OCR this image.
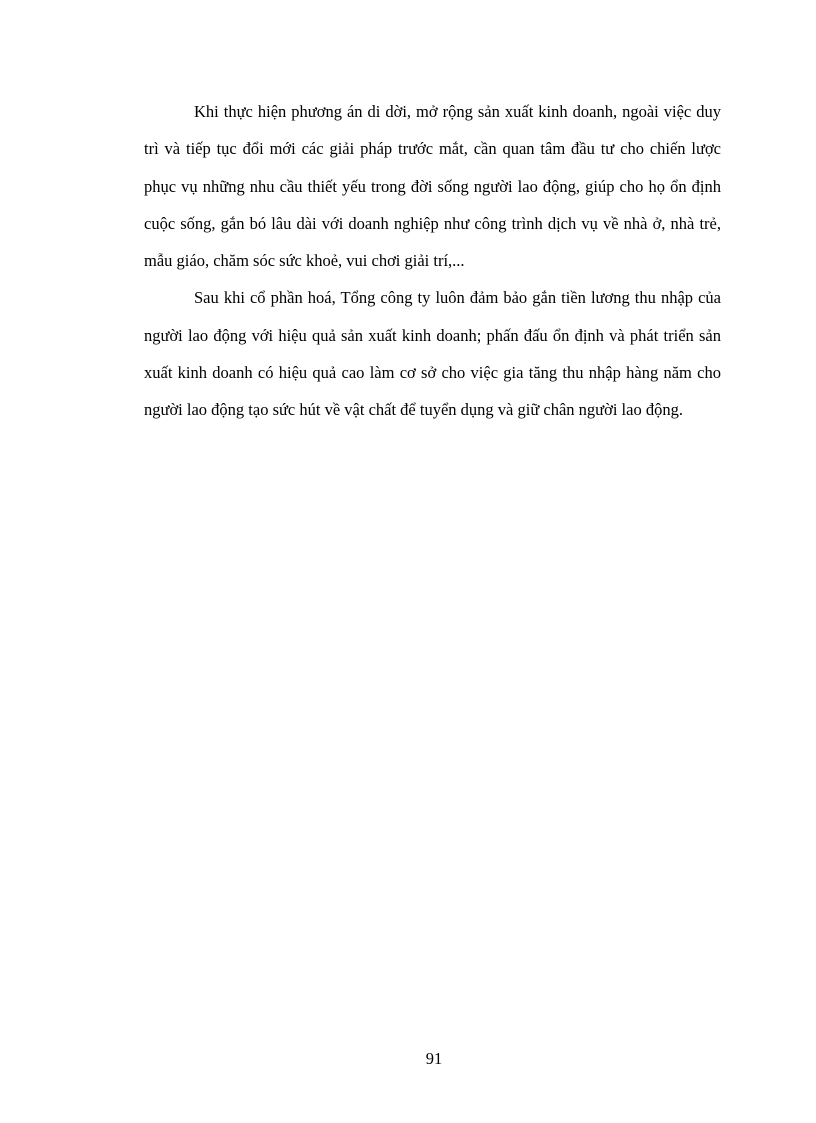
Khi thực hiện phương án di dời, mở rộng sản xuất kinh doanh, ngoài việc duy trì và tiếp tục đổi mới các giải pháp trước mắt, cần quan tâm đầu tư cho chiến lược phục vụ những nhu cầu thiết yếu trong đời sống người lao động, giúp cho họ ổn định cuộc sống, gắn bó lâu dài với doanh nghiệp như công trình dịch vụ về nhà ở, nhà trẻ, mẫu giáo, chăm sóc sức khoẻ, vui chơi giải trí,...

Sau khi cổ phần hoá, Tổng công ty luôn đảm bảo gắn tiền lương thu nhập của người lao động với hiệu quả sản xuất kinh doanh; phấn đấu ổn định và phát triển sản xuất kinh doanh có hiệu quả cao làm cơ sở cho việc gia tăng thu nhập hàng năm cho người lao động tạo sức hút về vật chất để tuyển dụng và giữ chân người lao động.

91
